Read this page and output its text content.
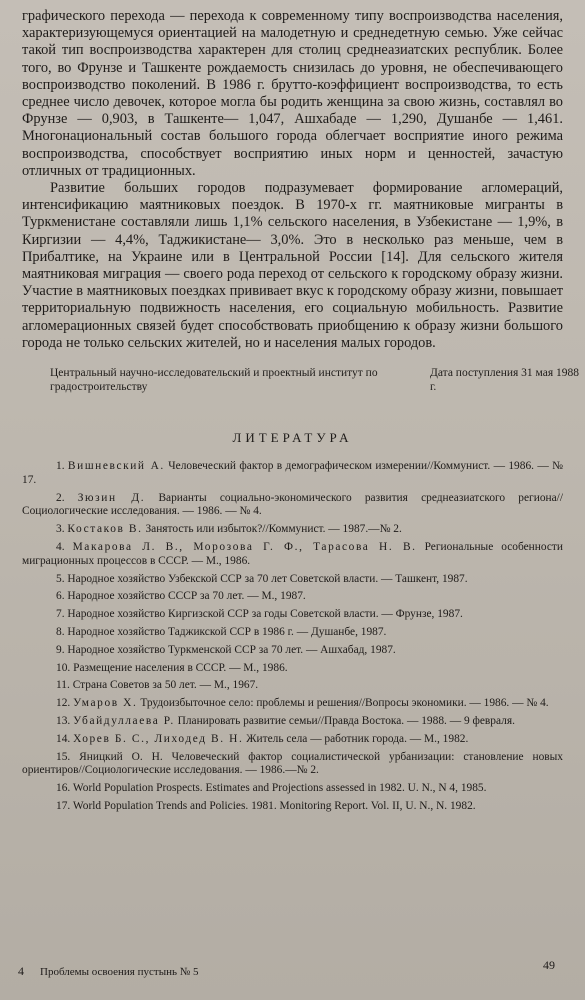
графического перехода — перехода к современному типу воспроизводства населения, характеризующемуся ориентацией на малодетную и среднедетную семью. Уже сейчас такой тип воспроизводства характерен для столиц среднеазиатских республик. Более того, во Фрунзе и Ташкенте рождаемость снизилась до уровня, не обеспечивающего воспроизводство поколений. В 1986 г. брутто-коэффициент воспроизводства, то есть среднее число девочек, которое могла бы родить женщина за свою жизнь, составлял во Фрунзе — 0,903, в Ташкенте— 1,047, Ашхабаде — 1,290, Душанбе — 1,461. Многонациональный состав большого города облегчает восприятие иного режима воспроизводства, способствует восприятию иных норм и ценностей, зачастую отличных от традиционных.

Развитие больших городов подразумевает формирование агломераций, интенсификацию маятниковых поездок. В 1970-х гг. маятниковые мигранты в Туркменистане составляли лишь 1,1% сельского населения, в Узбекистане — 1,9%, в Киргизии — 4,4%, Таджикистане— 3,0%. Это в несколько раз меньше, чем в Прибалтике, на Украине или в Центральной России [14]. Для сельского жителя маятниковая миграция — своего рода переход от сельского к городскому образу жизни. Участие в маятниковых поездках прививает вкус к городскому образу жизни, повышает территориальную подвижность населения, его социальную мобильность. Развитие агломерационных связей будет способствовать приобщению к образу жизни большого города не только сельских жителей, но и населения малых городов.

Центральный научно-исследовательский и проектный институт по градостроительству
Дата поступления 31 мая 1988 г.
ЛИТЕРАТУРА
1. Вишневский А. Человеческий фактор в демографическом измерении//Коммунист. — 1986. — № 17.
2. Зюзин Д. Варианты социально-экономического развития среднеазиатского региона//Социологические исследования. — 1986. — № 4.
3. Костаков В. Занятость или избыток?//Коммунист. — 1987.—№ 2.
4. Макарова Л. В., Морозова Г. Ф., Тарасова Н. В. Региональные особенности миграционных процессов в СССР. — М., 1986.
5. Народное хозяйство Узбекской ССР за 70 лет Советской власти. — Ташкент, 1987.
6. Народное хозяйство СССР за 70 лет. — М., 1987.
7. Народное хозяйство Киргизской ССР за годы Советской власти. — Фрунзе, 1987.
8. Народное хозяйство Таджикской ССР в 1986 г. — Душанбе, 1987.
9. Народное хозяйство Туркменской ССР за 70 лет. — Ашхабад, 1987.
10. Размещение населения в СССР. — М., 1986.
11. Страна Советов за 50 лет. — М., 1967.
12. Умаров Х. Трудоизбыточное село: проблемы и решения//Вопросы экономики. — 1986. — № 4.
13. Убайдуллаева Р. Планировать развитие семьи//Правда Востока. — 1988. — 9 февраля.
14. Хорев Б. С., Лиходед В. Н. Житель села — работник города. — М., 1982.
15. Яницкий О. Н. Человеческий фактор социалистической урбанизации: становление новых ориентиров//Социологические исследования. — 1986.—№ 2.
16. World Population Prospects. Estimates and Projections assessed in 1982. U. N., N 4, 1985.
17. World Population Trends and Policies. 1981. Monitoring Report. Vol. II, U. N., N. 1982.
4 Проблемы освоения пустынь № 5	49
